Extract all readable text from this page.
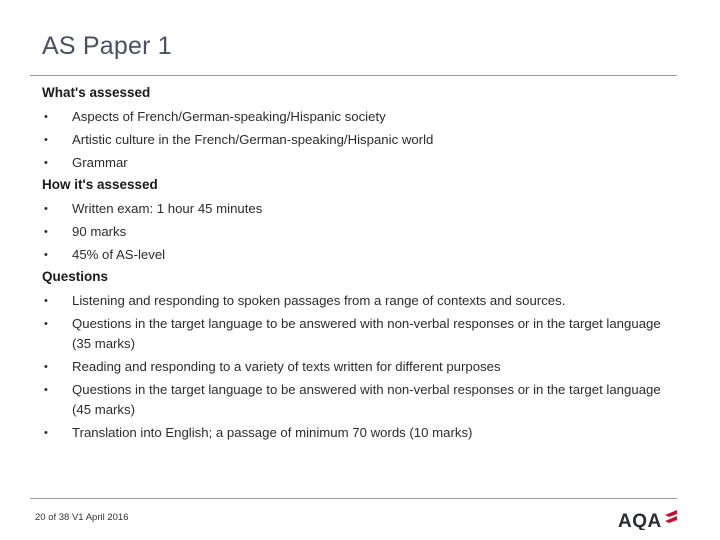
AS Paper 1
What's assessed
•	Aspects of French/German-speaking/Hispanic society
•	Artistic culture in the French/German-speaking/Hispanic world
•	Grammar
How it's assessed
•	Written exam: 1 hour 45 minutes
•	90 marks
•	45% of AS-level
Questions
•	Listening and responding to spoken passages from a range of contexts and sources.
•	Questions in the target language to be answered with non-verbal responses or in the target language (35 marks)
•	Reading and responding to a variety of texts written for different purposes
•	Questions in the target language to be answered with non-verbal responses or in the target language (45 marks)
•	Translation into English; a passage of minimum 70 words (10 marks)
20 of 38 V1 April 2016	AQA
